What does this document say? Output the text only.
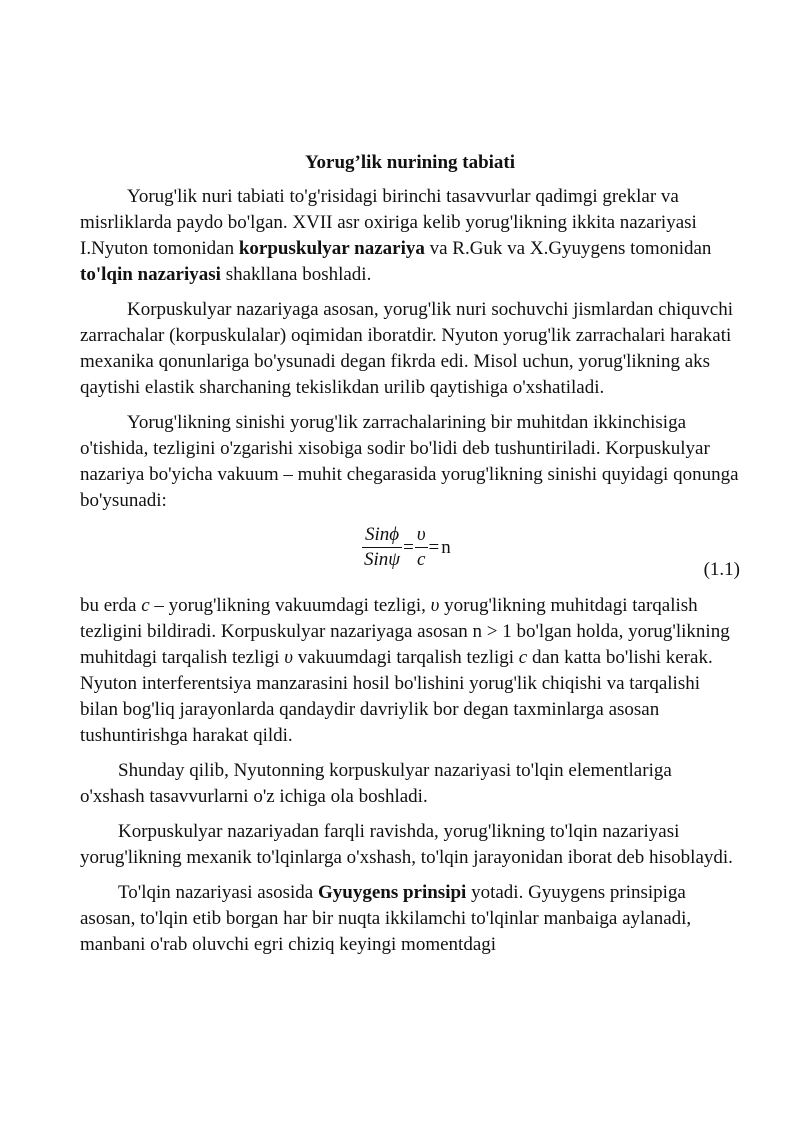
Yorug’lik nurining tabiati

Yorug'lik nuri tabiati to'g'risidagi birinchi tasavvurlar qadimgi greklar va misrliklarda paydo bo'lgan. XVII asr oxiriga kelib yorug'likning ikkita nazariyasi I.Nyuton tomonidan korpuskulyar nazariya va R.Guk va X.Gyuygens tomonidan to'lqin nazariyasi shakllana boshladi.

Korpuskulyar nazariyaga asosan, yorug'lik nuri sochuvchi jismlardan chiquvchi zarrachalar (korpuskulalar) oqimidan iboratdir. Nyuton yorug'lik zarrachalari harakati mexanika qonunlariga bo'ysunadi degan fikrda edi. Misol uchun, yorug'likning aks qaytishi elastik sharchaning tekislikdan urilib qaytishiga o'xshatiladi.

Yorug'likning sinishi yorug'lik zarrachalarining bir muhitdan ikkinchisiga o'tishida, tezligini o'zgarishi xisobiga sodir bo'lidi deb tushuntiriladi. Korpuskulyar nazariya bo'yicha vakuum – muhit chegarasida yorug'likning sinishi quyidagi qonunga bo'ysunadi:

$\frac{\text{Sinϕ}}{\text{Sinψ}} = \frac{\upsilon}{c} = n$
(1.1)

bu erda c – yorug'likning vakuumdagi tezligi, υ yorug'likning muhitdagi tarqalish tezligini bildiradi. Korpuskulyar nazariyaga asosan n > 1 bo'lgan holda, yorug'likning muhitdagi tarqalish tezligi υ vakuumdagi tarqalish tezligi c dan katta bo'lishi kerak. Nyuton interferentsiya manzarasini hosil bo'lishini yorug'lik chiqishi va tarqalishi bilan bog'liq jarayonlarda qandaydir davriylik bor degan taxminlarga asosan tushuntirishga harakat qildi.

Shunday qilib, Nyutonning korpuskulyar nazariyasi to'lqin elementlariga o'xshash tasavvurlarni o'z ichiga ola boshladi.

Korpuskulyar nazariyadan farqli ravishda, yorug'likning to'lqin nazariyasi yorug'likning mexanik to'lqinlarga o'xshash, to'lqin jarayonidan iborat deb hisoblaydi.

To'lqin nazariyasi asosida Gyuygens prinsipi yotadi. Gyuygens prinsipiga asosan, to'lqin etib borgan har bir nuqta ikkilamchi to'lqinlar manbaiga aylanadi, manbani o'rab oluvchi egri chiziq keyingi momentdagi
